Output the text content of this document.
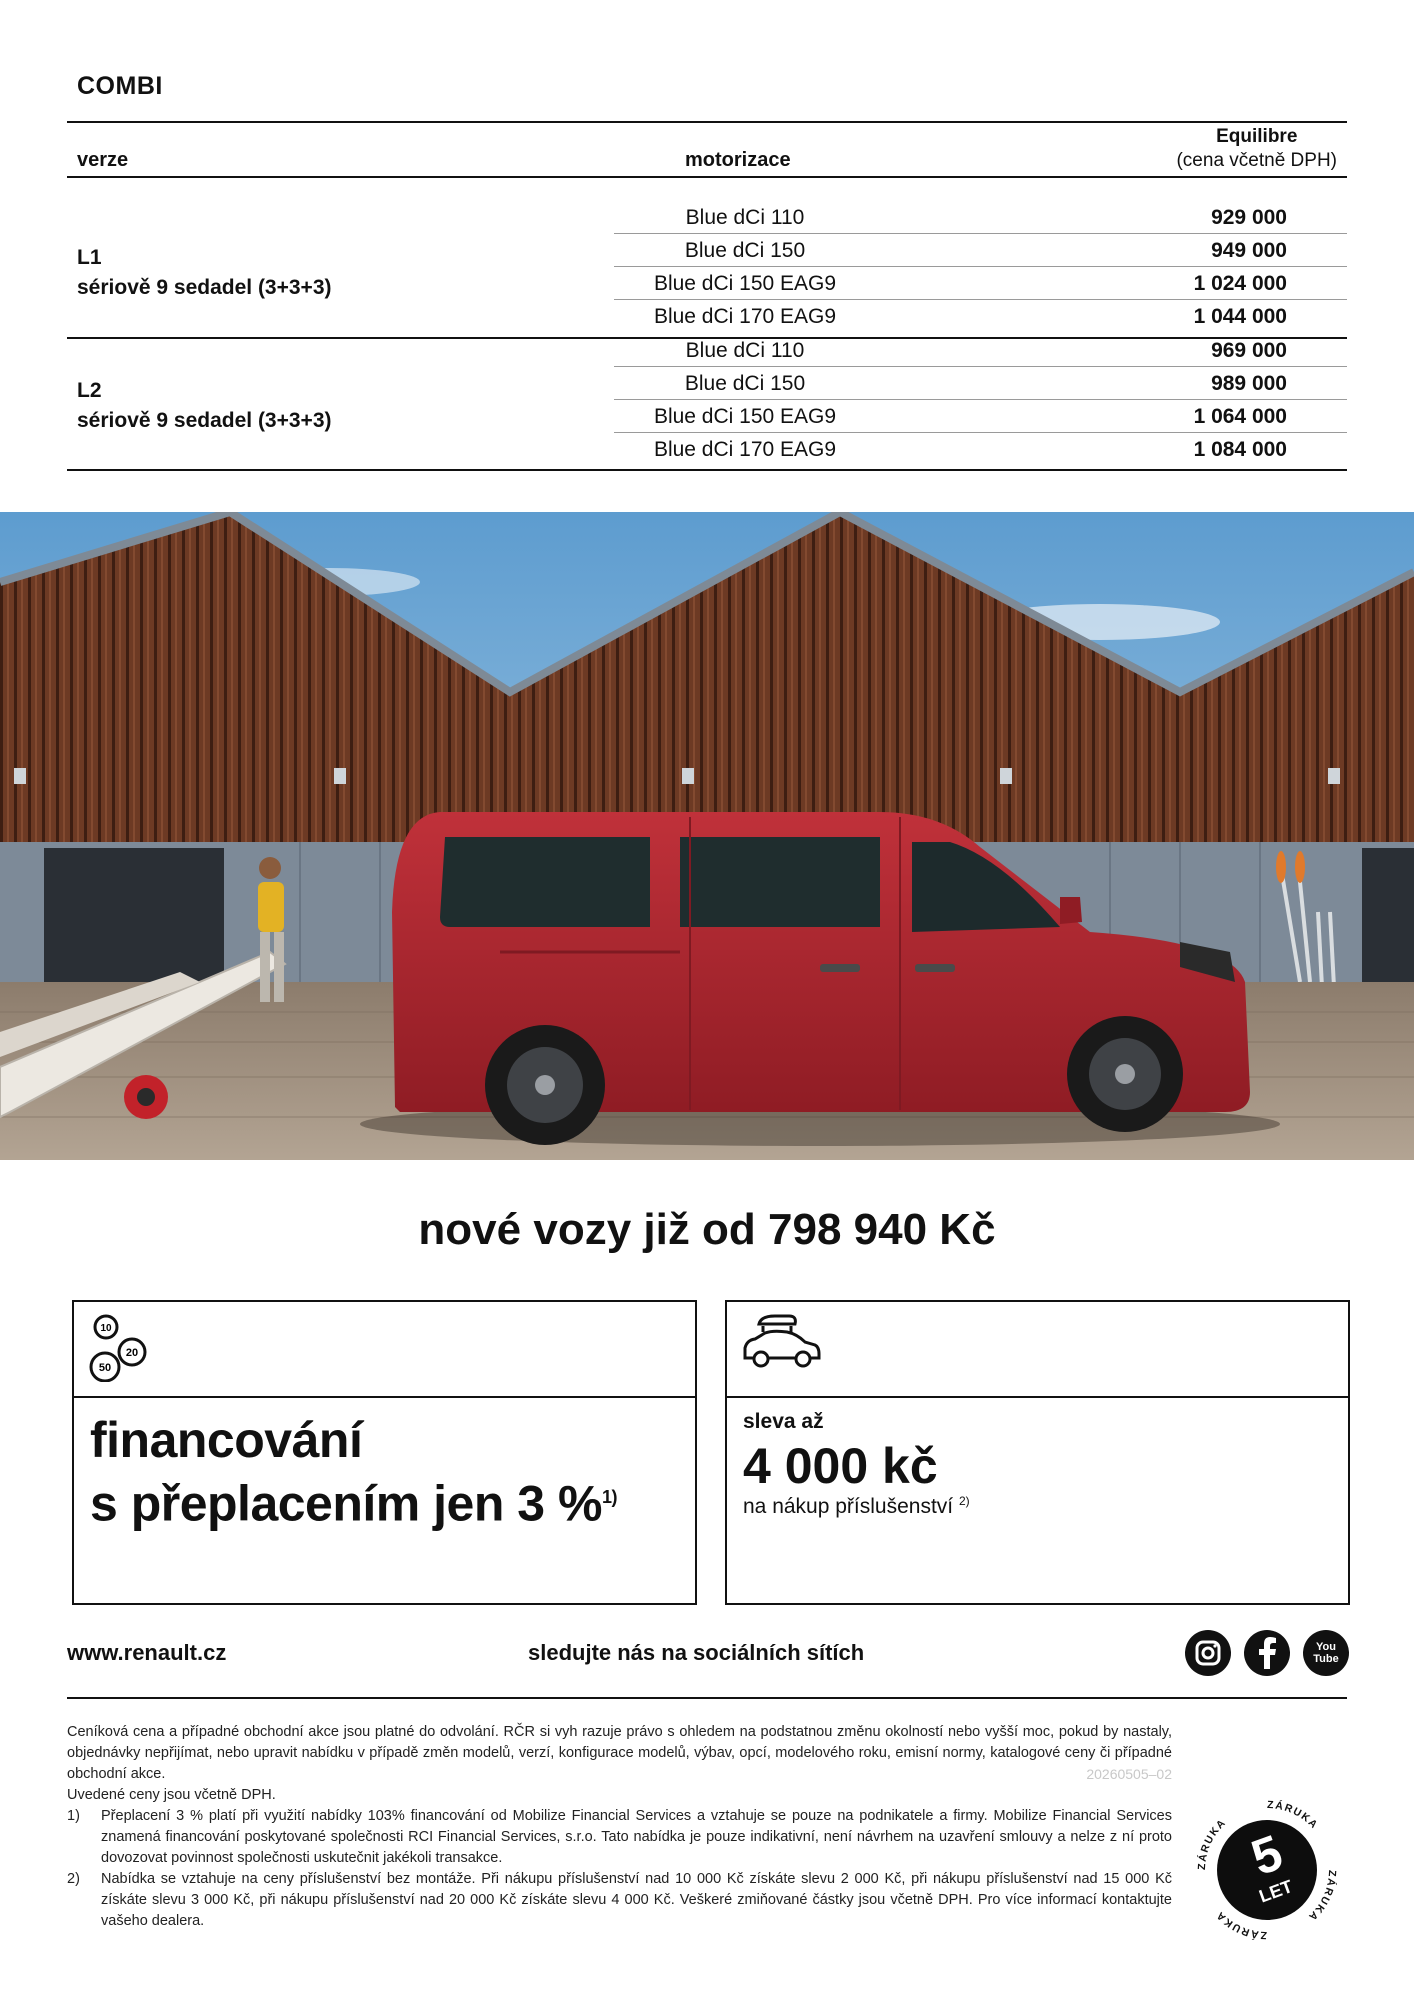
COMBI
verze	motorizace
Equilibre
(cena včetně DPH)
L1
sériově 9 sedadel (3+3+3)
Blue dCi 110	929 000
Blue dCi 150	949 000
Blue dCi 150 EAG9	1 024 000
Blue dCi 170 EAG9	1 044 000
L2
sériově 9 sedadel (3+3+3)
Blue dCi 110	969 000
Blue dCi 150	989 000
Blue dCi 150 EAG9	1 064 000
Blue dCi 170 EAG9	1 084 000
nové vozy již od 798 940 Kč
10
20
50
financování
s přeplacením jen 3 %$^{1)}$
sleva až
4 000 kč
na nákup příslušenství $^{2)}$
www.renault.cz	sledujte nás na sociálních sítích	You Tube

Ceníková cena a případné obchodní akce jsou platné do odvolání. RČR si vyh razuje právo s ohledem na podstatnou změnu okolností nebo vyšší moc, pokud by nastaly, objednávky nepřijímat, nebo upravit nabídku v případě změn modelů, verzí, konfigurace modelů, výbav, opcí, modelového roku, emisní normy, katalogové ceny či případné obchodní akce.	20260505–02

Uvedené ceny jsou včetně DPH.

1)	Přeplacení 3 % platí při využití nabídky 103% financování od Mobilize Financial Services a vztahuje se pouze na podnikatele a firmy. Mobilize Financial Services znamená financování poskytované společnosti RCI Financial Services, s.r.o. Tato nabídka je pouze indikativní, není návrhem na uzavření smlouvy a nelze z ní proto dovozovat povinnost společnosti uskutečnit jakékoli transakce.
2)	Nabídka se vztahuje na ceny příslušenství bez montáže. Při nákupu příslušenství nad 10 000 Kč získáte slevu 2 000 Kč, při nákupu příslušenství nad 15 000 Kč získáte slevu 3 000 Kč, při nákupu příslušenství nad 20 000 Kč získáte slevu 4 000 Kč. Veškeré zmiňované částky jsou včetně DPH. Pro více informací kontaktujte vašeho dealera.
ZÁRUKA
ZÁRUKA
ZÁRUKA
ZÁRUKA
5
LET
